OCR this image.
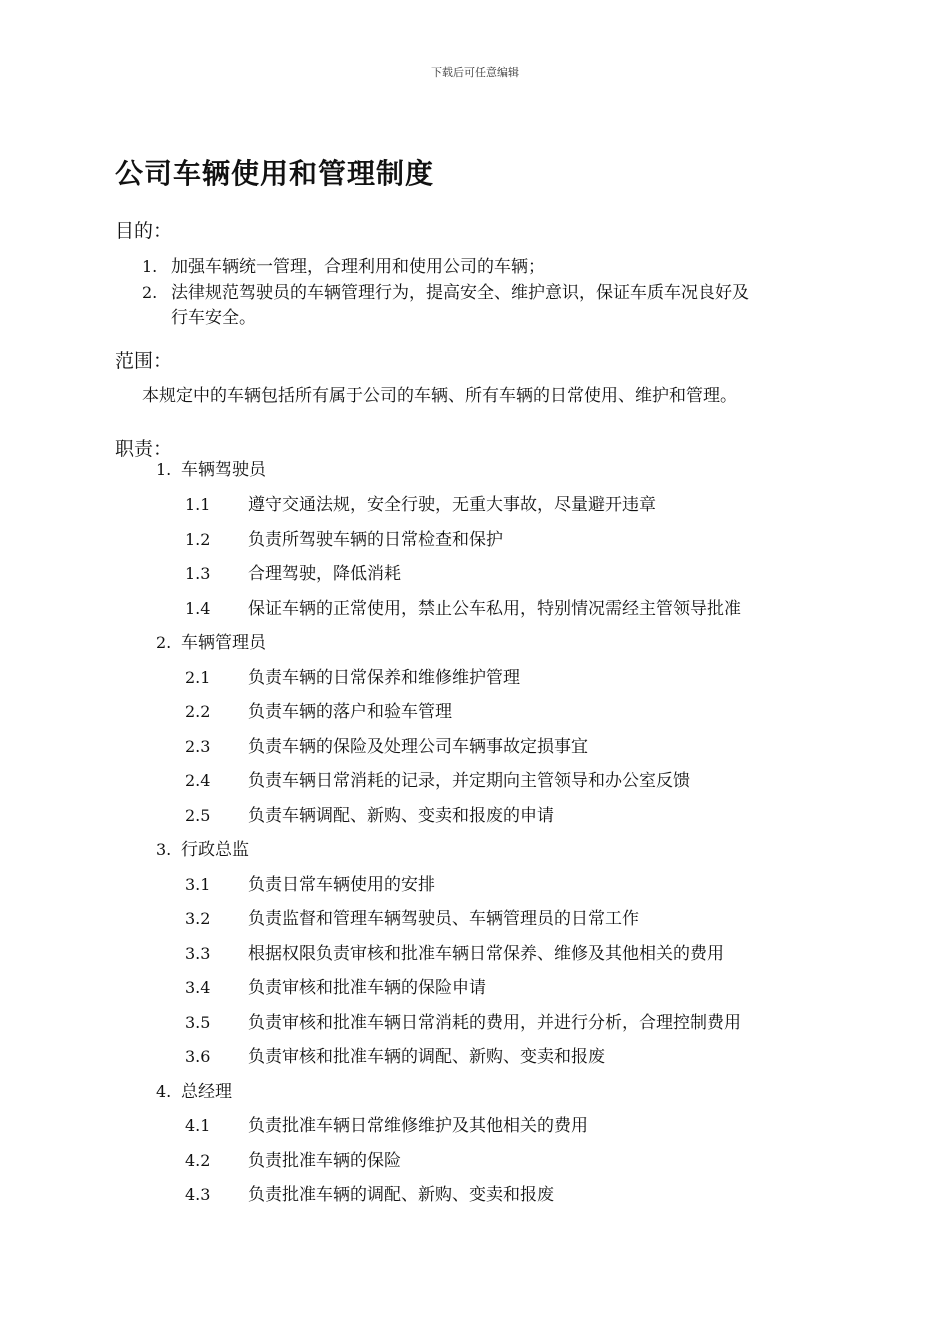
下载后可任意编辑
公司车辆使用和管理制度
目的：
1. 加强车辆统一管理，合理利用和使用公司的车辆；
2. 法律规范驾驶员的车辆管理行为，提高安全、维护意识，保证车质车况良好及
行车安全。
范围：
本规定中的车辆包括所有属于公司的车辆、所有车辆的日常使用、维护和管理。
职责：
1. 车辆驾驶员
1.1 遵守交通法规，安全行驶，无重大事故，尽量避开违章
1.2 负责所驾驶车辆的日常检查和保护
1.3 合理驾驶，降低消耗
1.4 保证车辆的正常使用，禁止公车私用，特别情况需经主管领导批准
2. 车辆管理员
2.1 负责车辆的日常保养和维修维护管理
2.2 负责车辆的落户和验车管理
2.3 负责车辆的保险及处理公司车辆事故定损事宜
2.4 负责车辆日常消耗的记录，并定期向主管领导和办公室反馈
2.5 负责车辆调配、新购、变卖和报废的申请
3. 行政总监
3.1 负责日常车辆使用的安排
3.2 负责监督和管理车辆驾驶员、车辆管理员的日常工作
3.3 根据权限负责审核和批准车辆日常保养、维修及其他相关的费用
3.4 负责审核和批准车辆的保险申请
3.5 负责审核和批准车辆日常消耗的费用，并进行分析，合理控制费用
3.6 负责审核和批准车辆的调配、新购、变卖和报废
4. 总经理
4.1 负责批准车辆日常维修维护及其他相关的费用
4.2 负责批准车辆的保险
4.3 负责批准车辆的调配、新购、变卖和报废
